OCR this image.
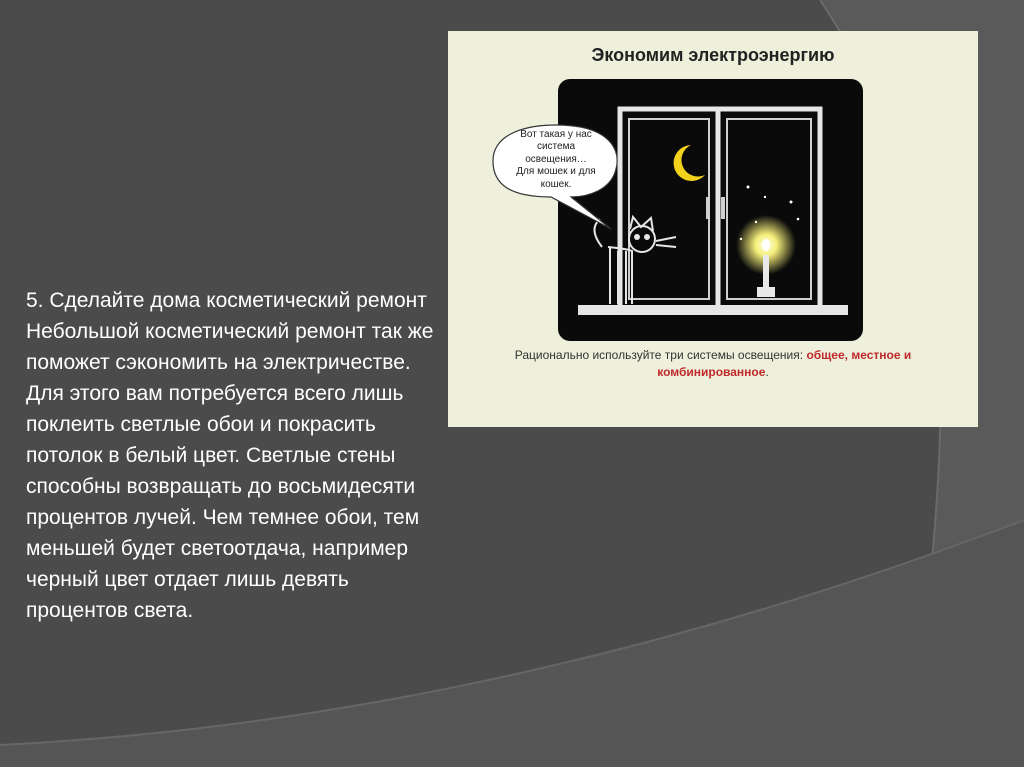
5. Сделайте дома косметический ремонт Небольшой косметический ремонт так же поможет сэкономить на электричестве. Для этого вам потребуется всего лишь поклеить светлые обои и покрасить потолок в белый цвет. Светлые стены способны возвращать до восьмидесяти процентов лучей. Чем темнее обои, тем меньшей будет светоотдача, например черный цвет отдает лишь девять процентов света.

Экономим электроэнергию

Вот такая у нас
система
освещения…
Для мошек и для
кошек.
Рационально используйте три системы освещения: общее, местное и комбинированное.
